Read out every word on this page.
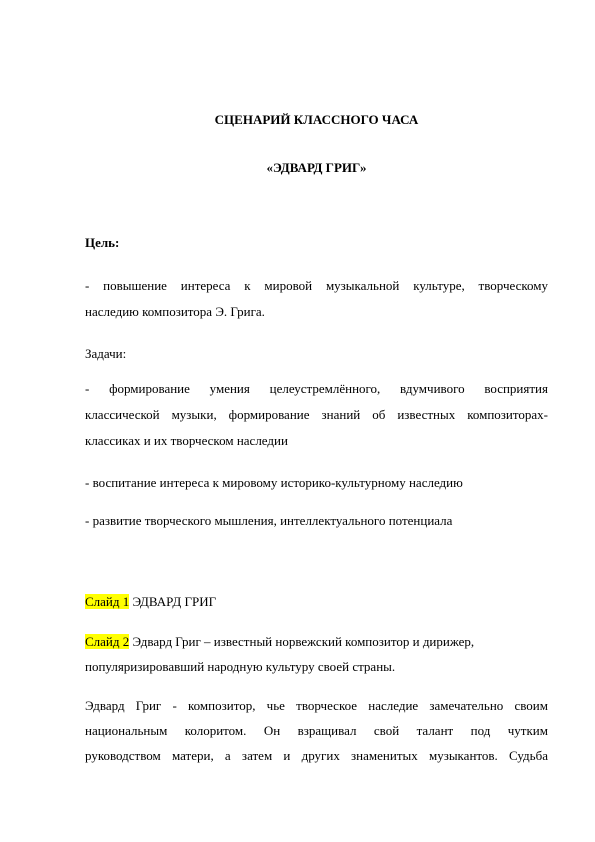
СЦЕНАРИЙ КЛАССНОГО ЧАСА
«ЭДВАРД ГРИГ»
Цель:
- повышение интереса к мировой музыкальной культуре, творческому
наследию композитора Э. Грига.
Задачи:
- формирование умения целеустремлённого, вдумчивого восприятия
классической музыки, формирование знаний об известных композиторах-
классиках и их творческом наследии
- воспитание интереса к мировому историко-культурному наследию
- развитие творческого мышления, интеллектуального потенциала
Слайд 1 ЭДВАРД ГРИГ
Слайд 2 Эдвард Григ – известный норвежский композитор и дирижер,
популяризировавший народную культуру своей страны.
Эдвард Григ - композитор, чье творческое наследие замечательно своим
национальным колоритом. Он взращивал свой талант под чутким
руководством матери, а затем и других знаменитых музыкантов. Судьба
